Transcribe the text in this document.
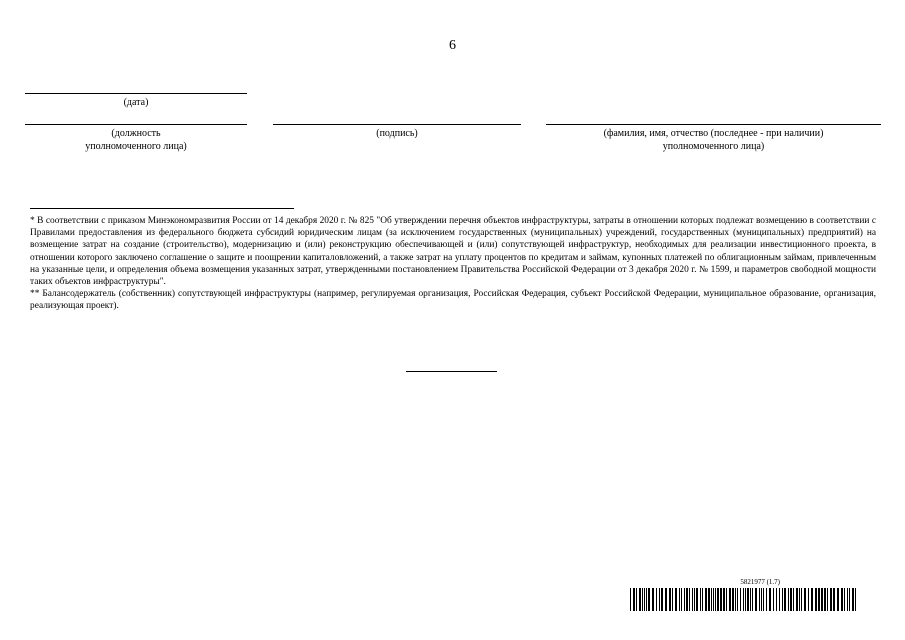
6
(дата)
(должность
уполномоченного лица)
(подпись)	(фамилия, имя, отчество (последнее - при наличии)
уполномоченного лица)

* В соответствии с приказом Минэкономразвития России от 14 декабря 2020 г. № 825 "Об утверждении перечня объектов инфраструктуры, затраты в отношении которых подлежат возмещению в соответствии с Правилами предоставления из федерального бюджета субсидий юридическим лицам (за исключением государственных (муниципальных) учреждений, государственных (муниципальных) предприятий) на возмещение затрат на создание (строительство), модернизацию и (или) реконструкцию обеспечивающей и (или) сопутствующей инфраструктур, необходимых для реализации инвестиционного проекта, в отношении которого заключено соглашение о защите и поощрении капиталовложений, а также затрат на уплату процентов по кредитам и займам, купонных платежей по облигационным займам, привлеченным на указанные цели, и определения объема возмещения указанных затрат, утвержденными постановлением Правительства Российской Федерации от 3 декабря 2020 г. № 1599, и параметров свободной мощности таких объектов инфраструктуры".

** Балансодержатель (собственник) сопутствующей инфраструктуры (например, регулируемая организация, Российская Федерация, субъект Российской Федерации, муниципальное образование, организация, реализующая проект).

5821977 (1.7)
